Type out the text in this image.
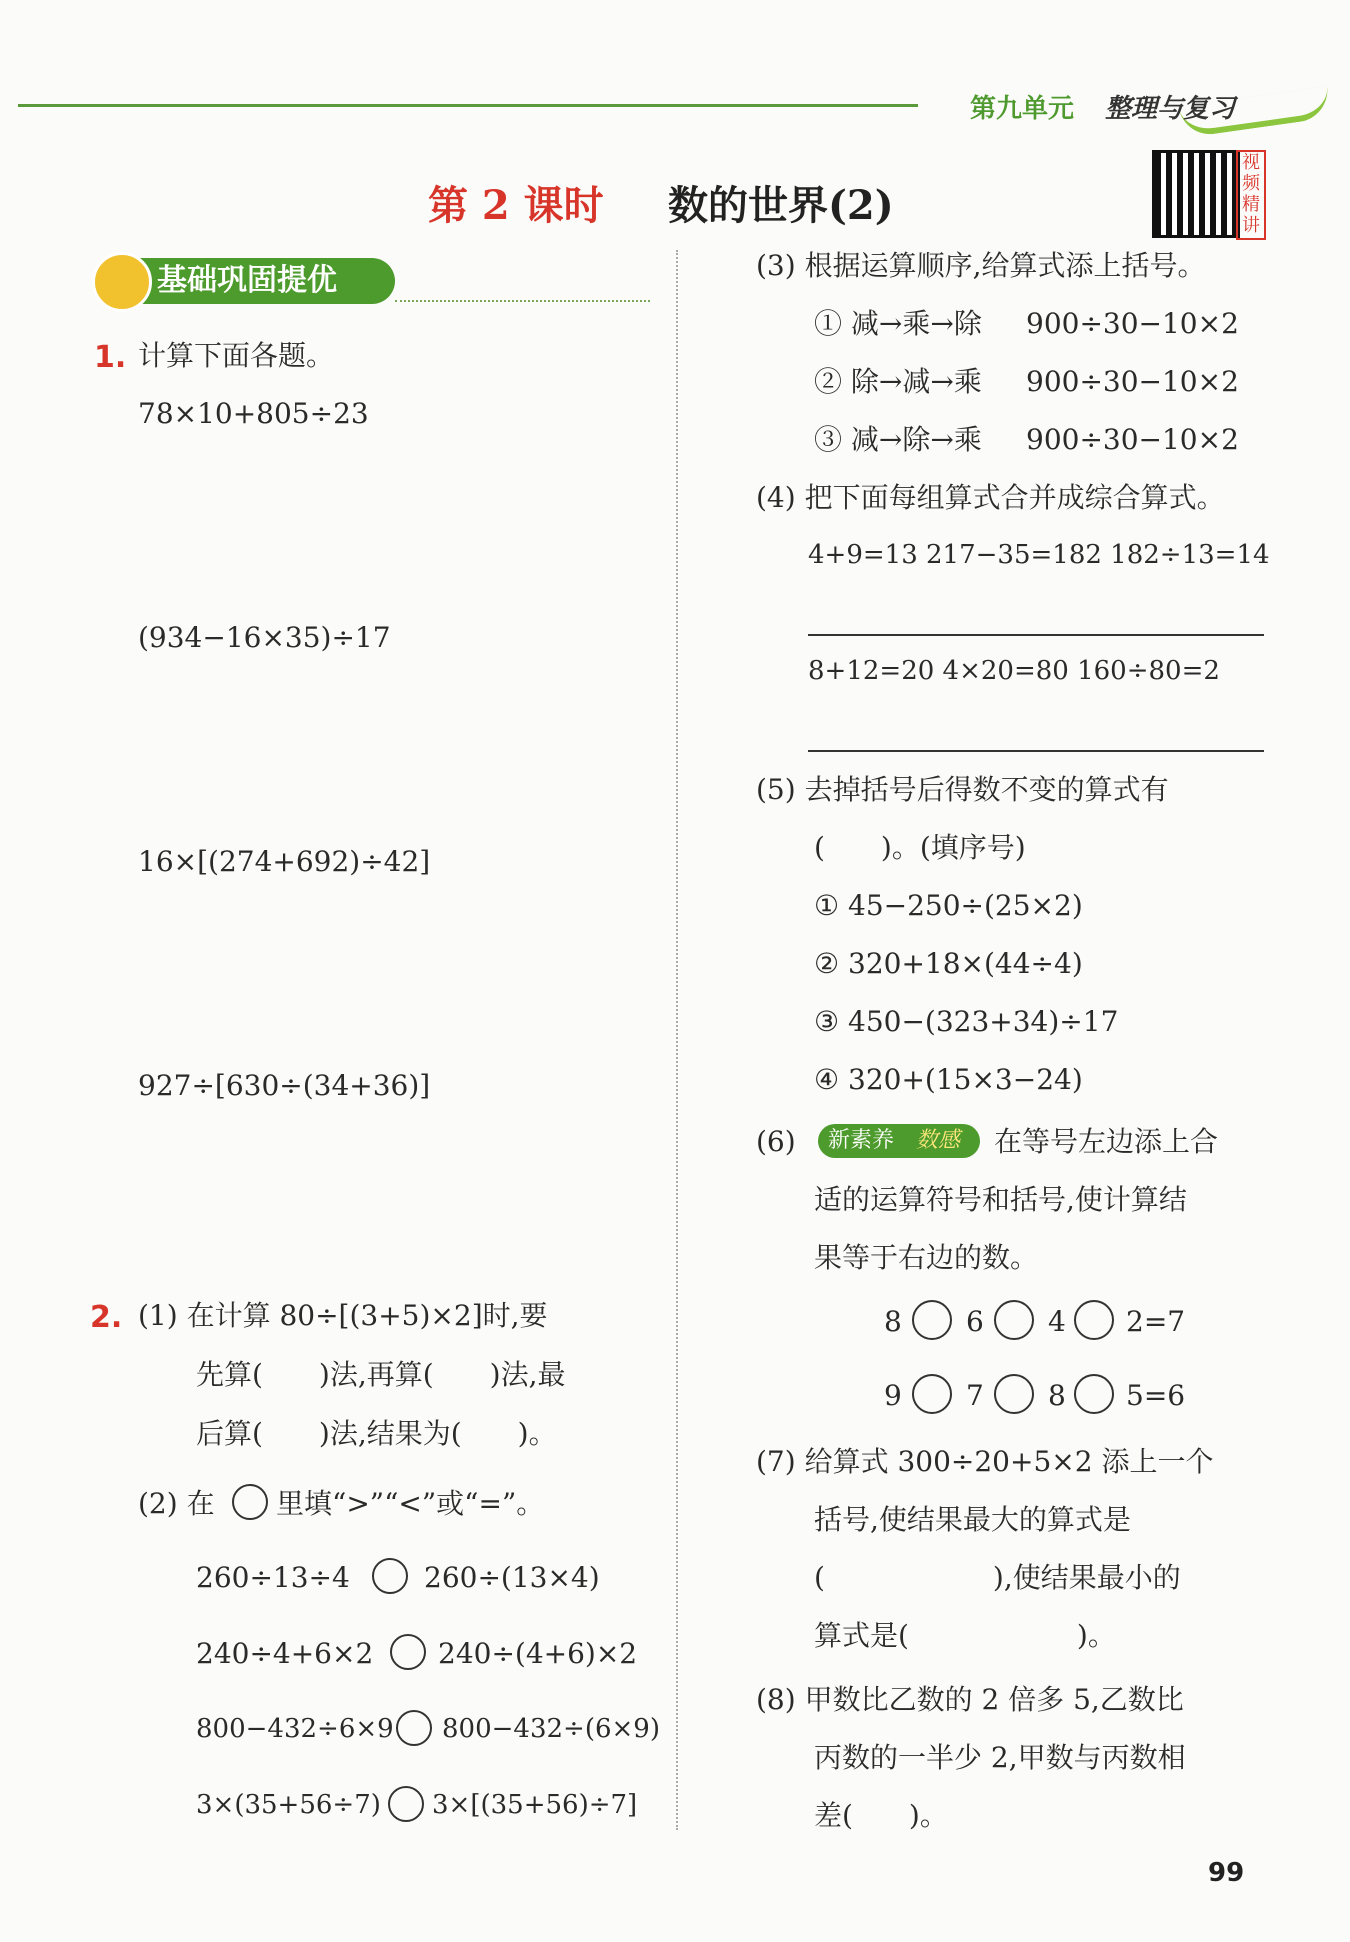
第九单元 整理与复习
第 2 课时 数的世界(2)
视频精讲
基础巩固提优
1. 计算下面各题。
78×10+805÷23
(934−16×35)÷17
16×[(274+692)÷42]
927÷[630÷(34+36)]
2. (1) 在计算 80÷[(3+5)×2]时,要
先算(　　)法,再算(　　)法,最
后算(　　)法,结果为(　　)。
(2) 在 里填“>”“<”或“=”。
260÷13÷4	260÷(13×4)
240÷4+6×2 240÷(4+6)×2
800−432÷6×9 800−432÷(6×9)
3×(35+56÷7) 3×[(35+56)÷7]
(3) 根据运算顺序,给算式添上括号。
① 减→乘→除 900÷30−10×2
② 除→减→乘 900÷30−10×2
③ 减→除→乘 900÷30−10×2
(4) 把下面每组算式合并成综合算式。
4+9=13 217−35=182 182÷13=14
8+12=20 4×20=80 160÷80=2
(5) 去掉括号后得数不变的算式有
(　　)。(填序号)
① 45−250÷(25×2)
② 320+18×(44÷4)
③ 450−(323+34)÷17
④ 320+(15×3−24)
(6) 新素养 数感 在等号左边添上合
适的运算符号和括号,使计算结
果等于右边的数。
8 6 4 2=7
9 7 8 5=6
(7) 给算式 300÷20+5×2 添上一个
括号,使结果最大的算式是
(　　　　　　),使结果最小的
算式是(　　　　　　)。
(8) 甲数比乙数的 2 倍多 5,乙数比
丙数的一半少 2,甲数与丙数相
差(　　)。
99
